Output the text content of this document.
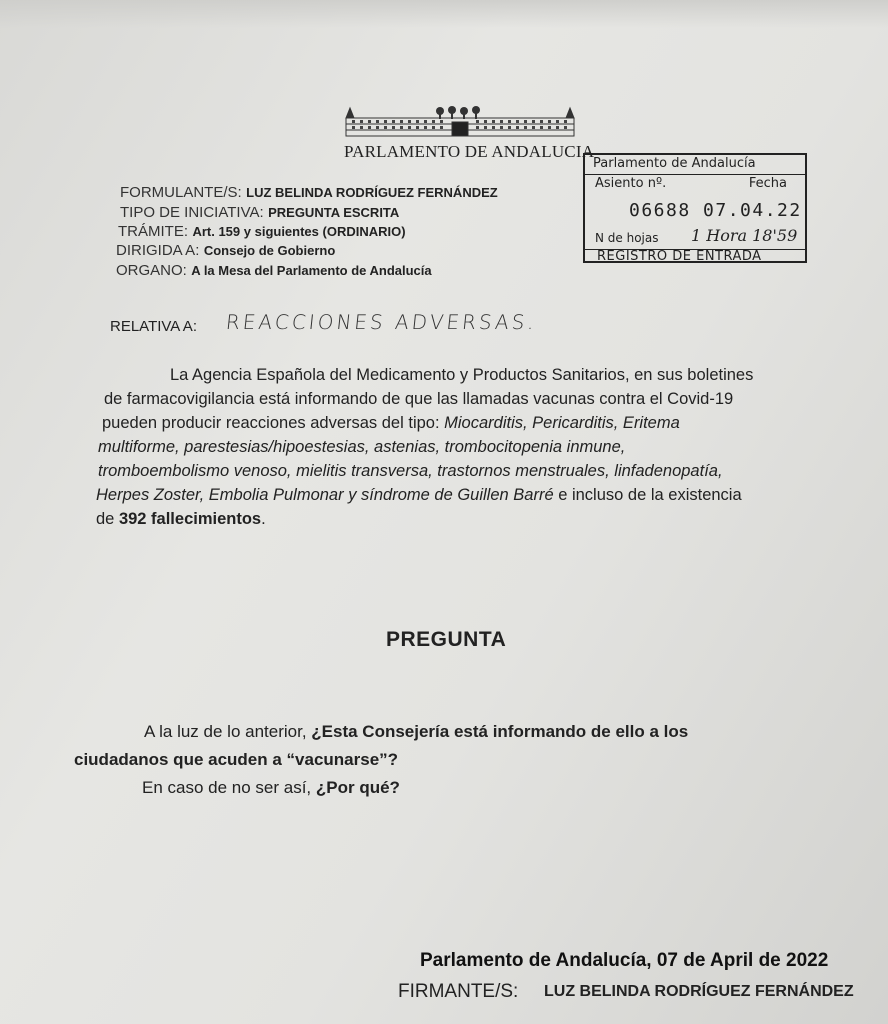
PARLAMENTO DE ANDALUCIA
Parlamento de Andalucía
Asiento nº.	Fecha
06688 07.04.22
N de hojas	1 Hora 18'59
REGISTRO DE ENTRADA
FORMULANTE/S: LUZ BELINDA RODRÍGUEZ FERNÁNDEZ
TIPO DE INICIATIVA: PREGUNTA ESCRITA
TRÁMITE: Art. 159 y siguientes (ORDINARIO)
DIRIGIDA A: Consejo de Gobierno
ORGANO: A la Mesa del Parlamento de Andalucía
RELATIVA A: REACCIONES ADVERSAS.
La Agencia Española del Medicamento y Productos Sanitarios, en sus boletines
de farmacovigilancia está informando de que las llamadas vacunas contra el Covid-19
pueden producir reacciones adversas del tipo: Miocarditis, Pericarditis, Eritema
multiforme, parestesias/hipoestesias, astenias, trombocitopenia inmune,
tromboembolismo venoso, mielitis transversa, trastornos menstruales, linfadenopatía,
Herpes Zoster, Embolia Pulmonar y síndrome de Guillen Barré e incluso de la existencia
de 392 fallecimientos.
PREGUNTA
A la luz de lo anterior, ¿Esta Consejería está informando de ello a los
ciudadanos que acuden a “vacunarse”?
En caso de no ser así, ¿Por qué?
Parlamento de Andalucía, 07 de April de 2022
FIRMANTE/S: LUZ BELINDA RODRÍGUEZ FERNÁNDEZ
